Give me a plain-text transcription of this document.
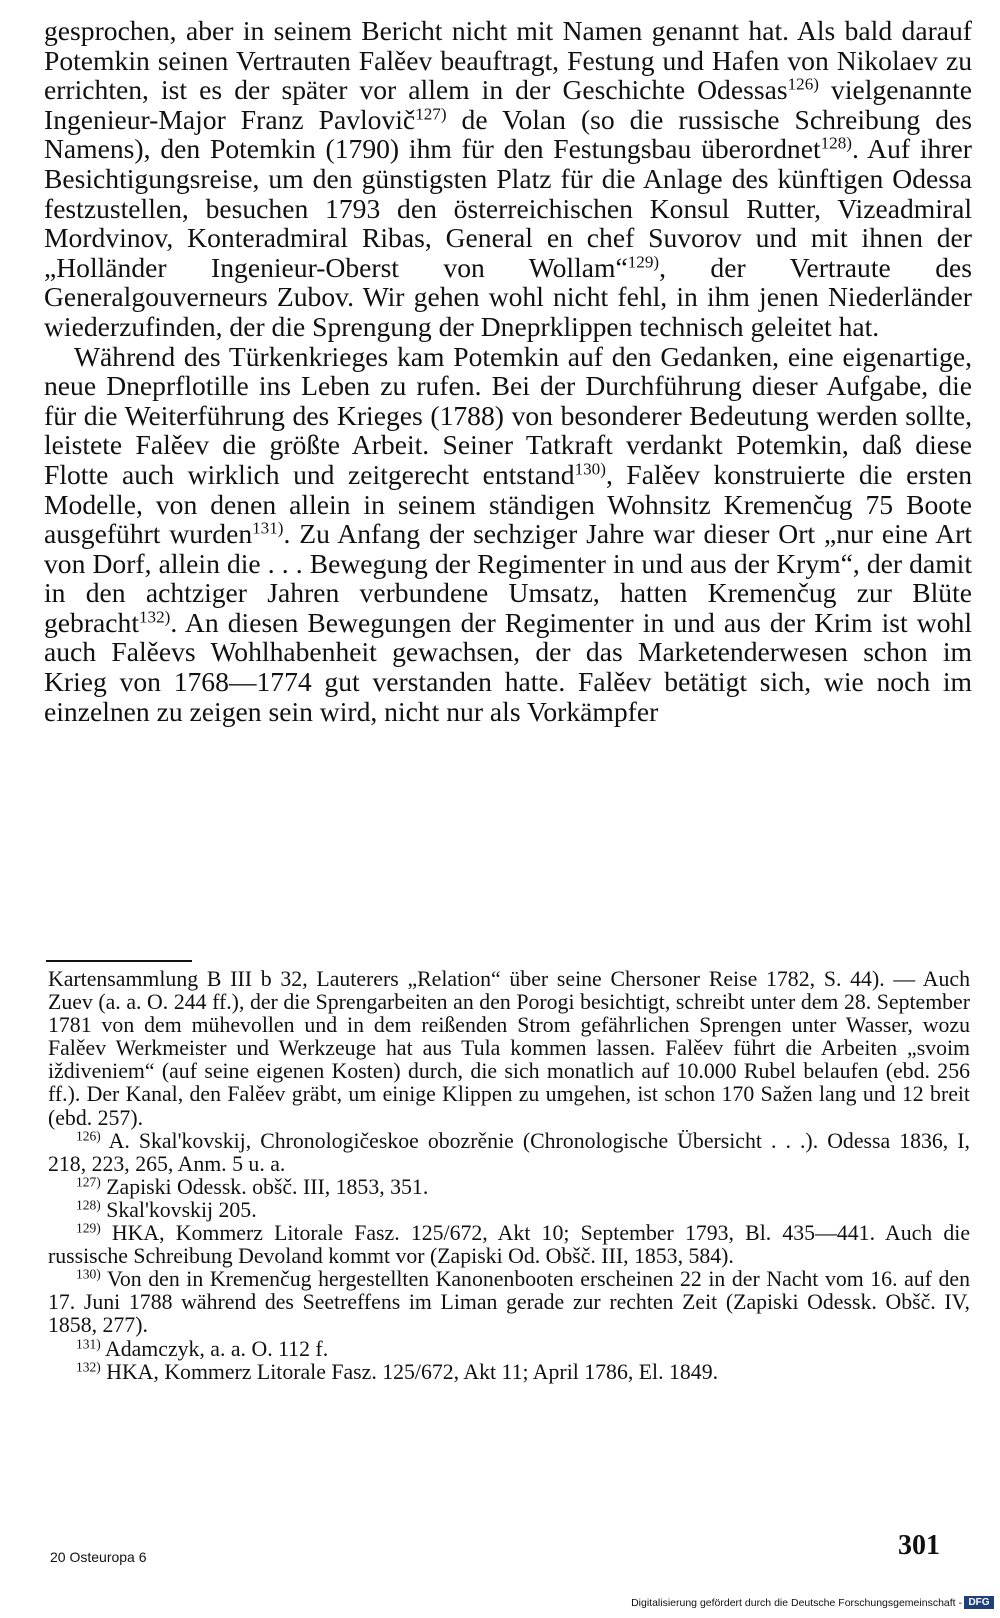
gesprochen, aber in seinem Bericht nicht mit Namen genannt hat. Als bald darauf Potemkin seinen Vertrauten Falěev beauftragt, Festung und Hafen von Nikolaev zu errichten, ist es der später vor allem in der Geschichte Odessas$^{126)}$ vielgenannte Ingenieur-Major Franz Pavlovič$^{127)}$ de Volan (so die russische Schreibung des Namens), den Potemkin (1790) ihm für den Festungsbau überordnet$^{128)}$. Auf ihrer Besichtigungsreise, um den günstigsten Platz für die Anlage des künftigen Odessa festzustellen, besuchen 1793 den österreichischen Konsul Rutter, Vizeadmiral Mordvinov, Konteradmiral Ribas, General en chef Suvorov und mit ihnen der „Holländer Ingenieur-Oberst von Wollam“$^{129)}$, der Vertraute des Generalgouverneurs Zubov. Wir gehen wohl nicht fehl, in ihm jenen Niederländer wiederzufinden, der die Sprengung der Dneprklippen technisch geleitet hat.

Während des Türkenkrieges kam Potemkin auf den Gedanken, eine eigenartige, neue Dneprflotille ins Leben zu rufen. Bei der Durchführung dieser Aufgabe, die für die Weiterführung des Krieges (1788) von besonderer Bedeutung werden sollte, leistete Falěev die größte Arbeit. Seiner Tatkraft verdankt Potemkin, daß diese Flotte auch wirklich und zeitgerecht entstand$^{130)}$, Falěev konstruierte die ersten Modelle, von denen allein in seinem ständigen Wohnsitz Kremenčug 75 Boote ausgeführt wurden$^{131)}$. Zu Anfang der sechziger Jahre war dieser Ort „nur eine Art von Dorf, allein die . . . Bewegung der Regimenter in und aus der Krym“, der damit in den achtziger Jahren verbundene Umsatz, hatten Kremenčug zur Blüte gebracht$^{132)}$. An diesen Bewegungen der Regimenter in und aus der Krim ist wohl auch Falěevs Wohlhabenheit gewachsen, der das Marketenderwesen schon im Krieg von 1768—1774 gut verstanden hatte. Falěev betätigt sich, wie noch im einzelnen zu zeigen sein wird, nicht nur als Vorkämpfer

Kartensammlung B III b 32, Lauterers „Relation“ über seine Chersoner Reise 1782, S. 44). — Auch Zuev (a. a. O. 244 ff.), der die Sprengarbeiten an den Porogi besichtigt, schreibt unter dem 28. September 1781 von dem mühevollen und in dem reißenden Strom gefährlichen Sprengen unter Wasser, wozu Falěev Werkmeister und Werkzeuge hat aus Tula kommen lassen. Falěev führt die Arbeiten „svoim iždiveniem“ (auf seine eigenen Kosten) durch, die sich monatlich auf 10.000 Rubel belaufen (ebd. 256 ff.). Der Kanal, den Falěev gräbt, um einige Klippen zu umgehen, ist schon 170 Sažen lang und 12 breit (ebd. 257).

$^{126)}$ A. Skal'kovskij, Chronologičeskoe obozrěnie (Chronologische Übersicht . . .). Odessa 1836, I, 218, 223, 265, Anm. 5 u. a.

$^{127)}$ Zapiski Odessk. obšč. III, 1853, 351.

$^{128)}$ Skal'kovskij 205.

$^{129)}$ HKA, Kommerz Litorale Fasz. 125/672, Akt 10; September 1793, Bl. 435—441. Auch die russische Schreibung Devoland kommt vor (Zapiski Od. Obšč. III, 1853, 584).

$^{130)}$ Von den in Kremenčug hergestellten Kanonenbooten erscheinen 22 in der Nacht vom 16. auf den 17. Juni 1788 während des Seetreffens im Liman gerade zur rechten Zeit (Zapiski Odessk. Obšč. IV, 1858, 277).

$^{131)}$ Adamczyk, a. a. O. 112 f.

$^{132)}$ HKA, Kommerz Litorale Fasz. 125/672, Akt 11; April 1786, El. 1849.

20 Osteuropa 6	301
Digitalisierung gefördert durch die Deutsche Forschungsgemeinschaft - DFG
